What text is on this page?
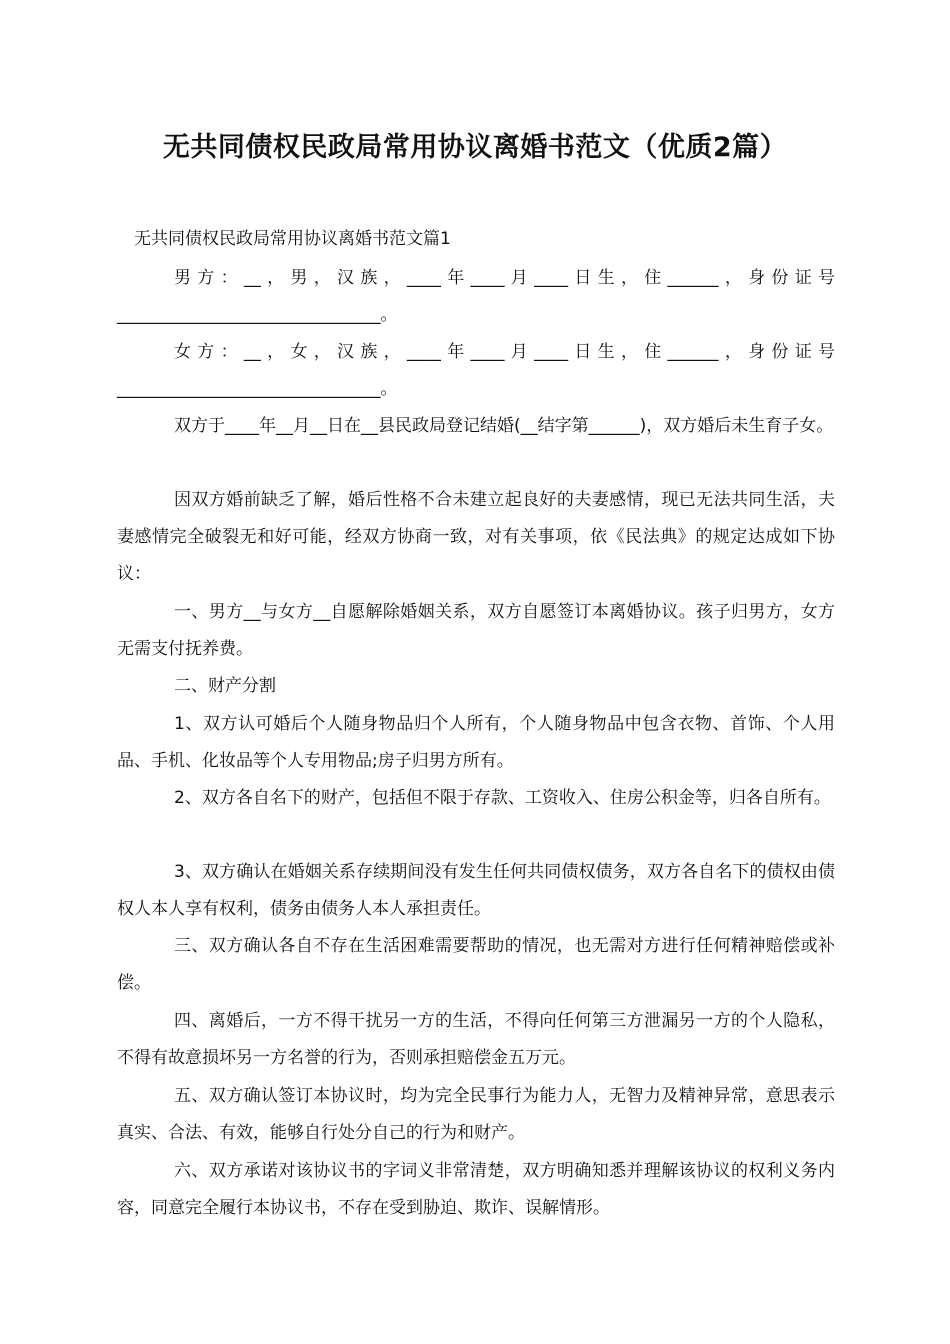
无共同债权民政局常用协议离婚书范文（优质2篇）
无共同债权民政局常用协议离婚书范文篇1

男方：__，男，汉族，____年____月____日生，住______，身份证号_______________________________。

女方：__，女，汉族，____年____月____日生，住______，身份证号_______________________________。

双方于____年__月__日在__县民政局登记结婚(__结字第______)，双方婚后未生育子女。

因双方婚前缺乏了解，婚后性格不合未建立起良好的夫妻感情，现已无法共同生活，夫妻感情完全破裂无和好可能，经双方协商一致，对有关事项，依《民法典》的规定达成如下协议：

一、男方__与女方__自愿解除婚姻关系，双方自愿签订本离婚协议。孩子归男方，女方无需支付抚养费。

二、财产分割

1、双方认可婚后个人随身物品归个人所有，个人随身物品中包含衣物、首饰、个人用品、手机、化妆品等个人专用物品;房子归男方所有。

2、双方各自名下的财产，包括但不限于存款、工资收入、住房公积金等，归各自所有。

3、双方确认在婚姻关系存续期间没有发生任何共同债权债务，双方各自名下的债权由债权人本人享有权利，债务由债务人本人承担责任。

三、双方确认各自不存在生活困难需要帮助的情况，也无需对方进行任何精神赔偿或补偿。

四、离婚后，一方不得干扰另一方的生活，不得向任何第三方泄漏另一方的个人隐私，不得有故意损坏另一方名誉的行为，否则承担赔偿金五万元。

五、双方确认签订本协议时，均为完全民事行为能力人，无智力及精神异常，意思表示真实、合法、有效，能够自行处分自己的行为和财产。

六、双方承诺对该协议书的字词义非常清楚，双方明确知悉并理解该协议的权利义务内容，同意完全履行本协议书，不存在受到胁迫、欺诈、误解情形。
